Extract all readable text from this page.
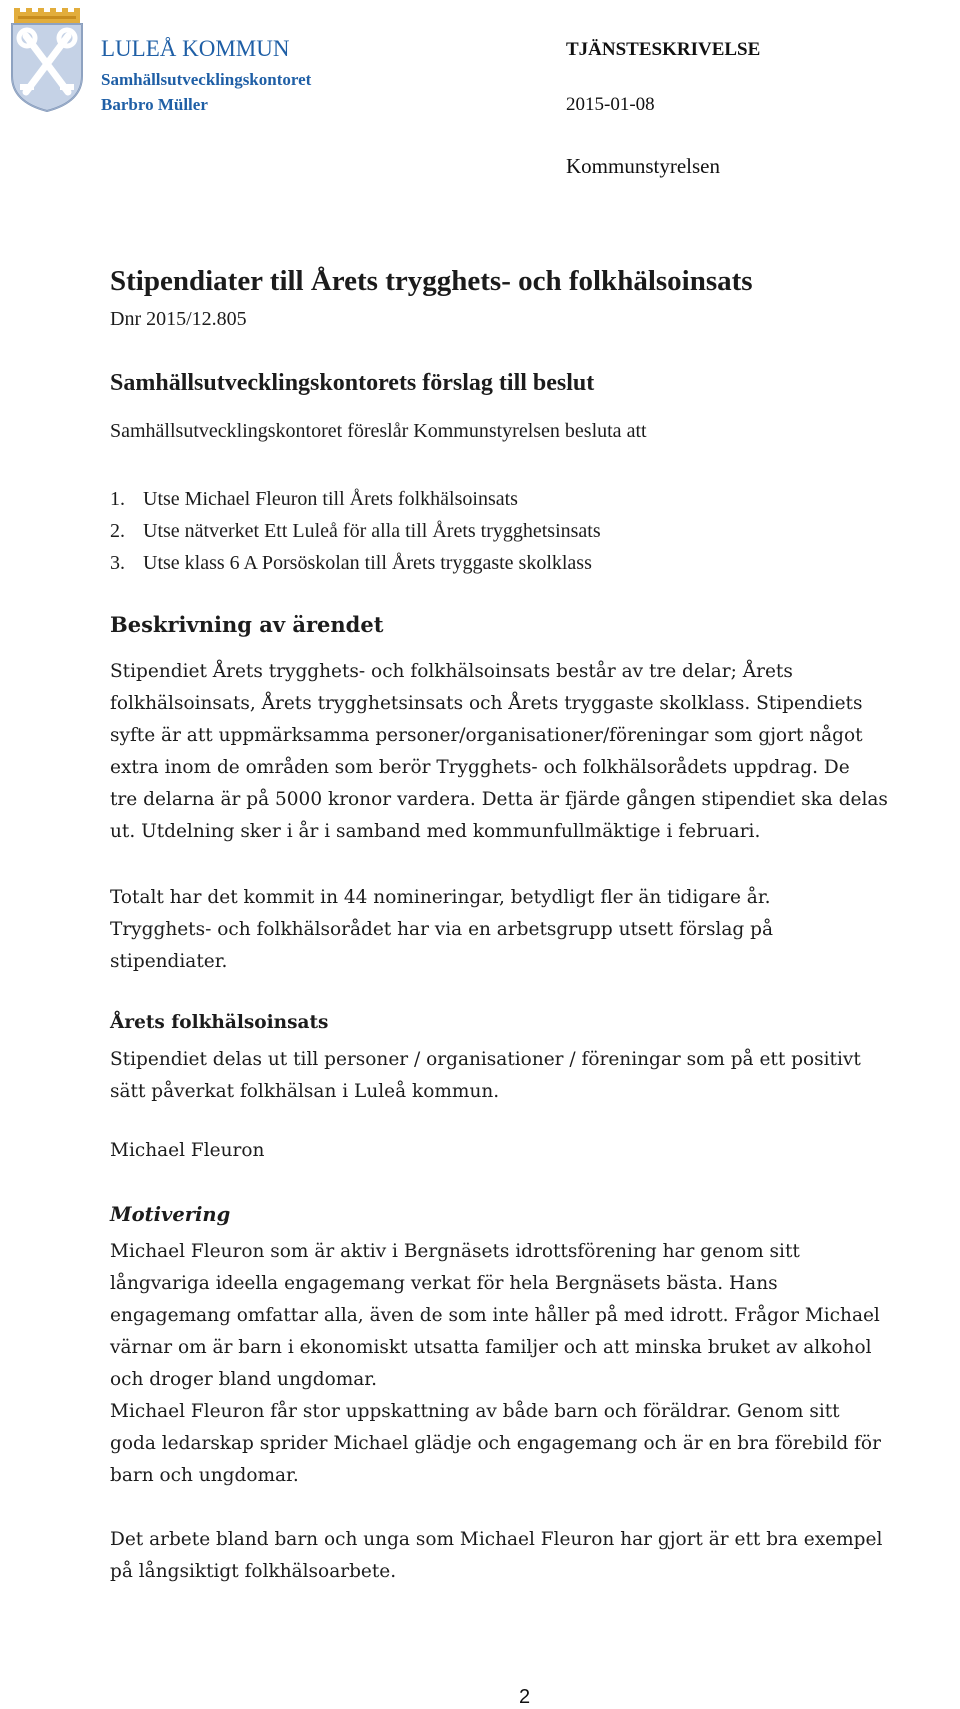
LULEÅ KOMMUN
Samhällsutvecklingskontoret
Barbro Müller
TJÄNSTESKRIVELSE
2015-01-08
Kommunstyrelsen
Stipendiater till Årets trygghets- och folkhälsoinsats
Dnr 2015/12.805
Samhällsutvecklingskontorets förslag till beslut
Samhällsutvecklingskontoret föreslår Kommunstyrelsen besluta att
1. Utse Michael Fleuron till Årets folkhälsoinsats
2. Utse nätverket Ett Luleå för alla till Årets trygghetsinsats
3. Utse klass 6 A Porsöskolan till Årets tryggaste skolklass
Beskrivning av ärendet

Stipendiet Årets trygghets- och folkhälsoinsats består av tre delar; Årets

folkhälsoinsats, Årets trygghetsinsats och Årets tryggaste skolklass. Stipendiets

syfte är att uppmärksamma personer/organisationer/föreningar som gjort något

extra inom de områden som berör Trygghets- och folkhälsorådets uppdrag. De

tre delarna är på 5000 kronor vardera. Detta är fjärde gången stipendiet ska delas

ut. Utdelning sker i år i samband med kommunfullmäktige i februari.

Totalt har det kommit in 44 nomineringar, betydligt fler än tidigare år.

Trygghets- och folkhälsorådet har via en arbetsgrupp utsett förslag på

stipendiater.

Årets folkhälsoinsats

Stipendiet delas ut till personer / organisationer / föreningar som på ett positivt

sätt påverkat folkhälsan i Luleå kommun.

Michael Fleuron
Motivering

Michael Fleuron som är aktiv i Bergnäsets idrottsförening har genom sitt

långvariga ideella engagemang verkat för hela Bergnäsets bästa. Hans

engagemang omfattar alla, även de som inte håller på med idrott. Frågor Michael

värnar om är barn i ekonomiskt utsatta familjer och att minska bruket av alkohol

och droger bland ungdomar.

Michael Fleuron får stor uppskattning av både barn och föräldrar. Genom sitt

goda ledarskap sprider Michael glädje och engagemang och är en bra förebild för

barn och ungdomar.

Det arbete bland barn och unga som Michael Fleuron har gjort är ett bra exempel

på långsiktigt folkhälsoarbete.

2
